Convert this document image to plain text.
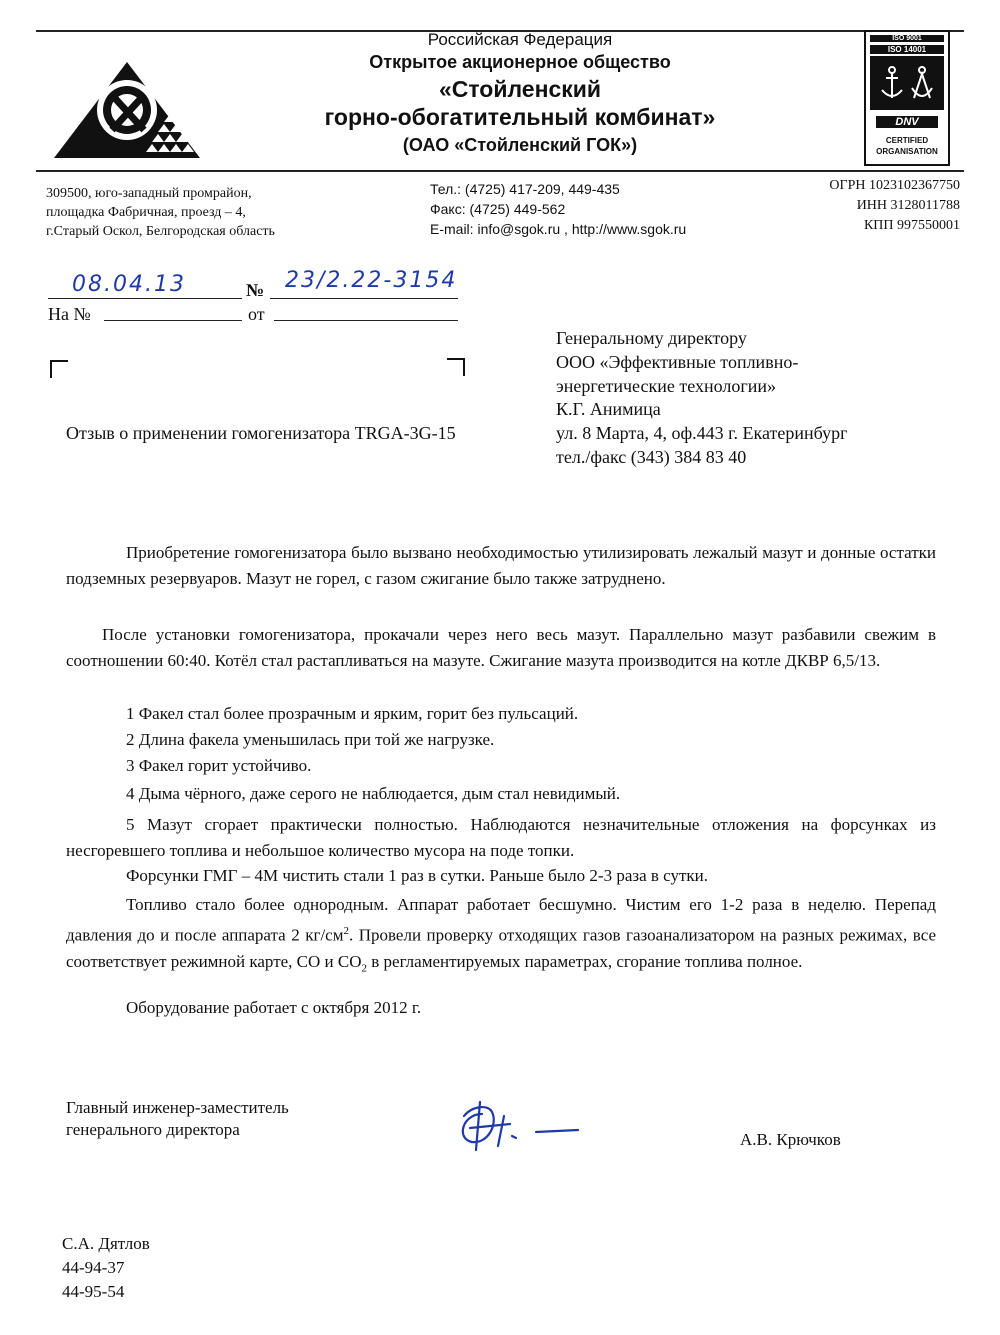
Российская Федерация
Открытое акционерное общество
«Стойленский
горно-обогатительный комбинат»
(ОАО «Стойленский ГОК»)
ISO 9001
ISO 14001
DNV
CERTIFIED
ORGANISATION
309500, юго-западный промрайон,
площадка Фабричная, проезд – 4,
г.Старый Оскол, Белгородская область
Тел.: (4725) 417-209, 449-435
Факс: (4725) 449-562
E-mail: info@sgok.ru , http://www.sgok.ru
ОГРН 1023102367750
ИНН 3128011788
КПП 997550001
08.04.13	№ 23/2.22-3154
На №	от
Генеральному директору
ООО «Эффективные топливно-
энергетические технологии»
К.Г. Анимица
ул. 8 Марта, 4, оф.443 г. Екатеринбург
тел./факс (343) 384 83 40
Отзыв о применении гомогенизатора TRGA-3G-15
Приобретение гомогенизатора было вызвано необходимостью утилизировать лежалый мазут и донные остатки подземных резервуаров. Мазут не горел, с газом сжигание было также затруднено.
После установки гомогенизатора, прокачали через него весь мазут. Параллельно мазут разбавили свежим в соотношении 60:40. Котёл стал растапливаться на мазуте. Сжигание мазута производится на котле ДКВР 6,5/13.
1 Факел стал более прозрачным и ярким, горит без пульсаций.
2 Длина факела уменьшилась при той же нагрузке.
3 Факел горит устойчиво.
4 Дыма чёрного, даже серого не наблюдается, дым стал невидимый.
5 Мазут сгорает практически полностью. Наблюдаются незначительные отложения на форсунках из несгоревшего топлива и небольшое количество мусора на поде топки.
Форсунки ГМГ – 4М чистить стали 1 раз в сутки. Раньше было 2-3 раза в сутки.
Топливо стало более однородным. Аппарат работает бесшумно. Чистим его 1-2 раза в неделю. Перепад давления до и после аппарата 2 $кг/см^2$. Провели проверку отходящих газов газоанализатором на разных режимах, все соответствует режимной карте, СО и $СО_2$ в регламентируемых параметрах, сгорание топлива полное.
Оборудование работает с октября 2012 г.
Главный инженер-заместитель
генерального директора
А.В. Крючков
С.А. Дятлов
44-94-37
44-95-54
